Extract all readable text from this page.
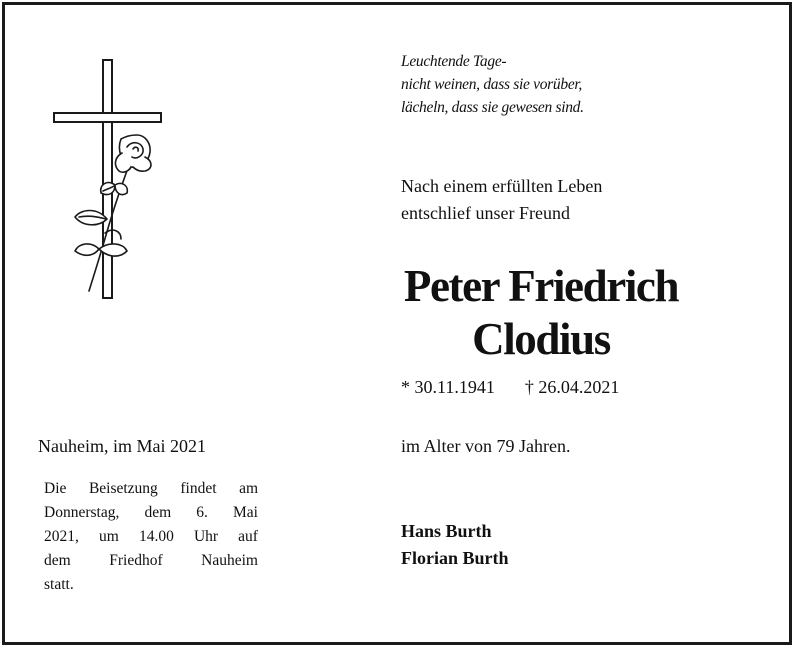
Leuchtende Tage-
nicht weinen, dass sie vorüber,
lächeln, dass sie gewesen sind.
Nach einem erfüllten Leben
entschlief unser Freund
Peter Friedrich
Clodius
* 30.11.1941 † 26.04.2021
im Alter von 79 Jahren.
Hans Burth
Florian Burth
Nauheim, im Mai 2021
Die Beisetzung findet am
Donnerstag, dem 6. Mai
2021, um 14.00 Uhr auf
dem Friedhof Nauheim
statt.
